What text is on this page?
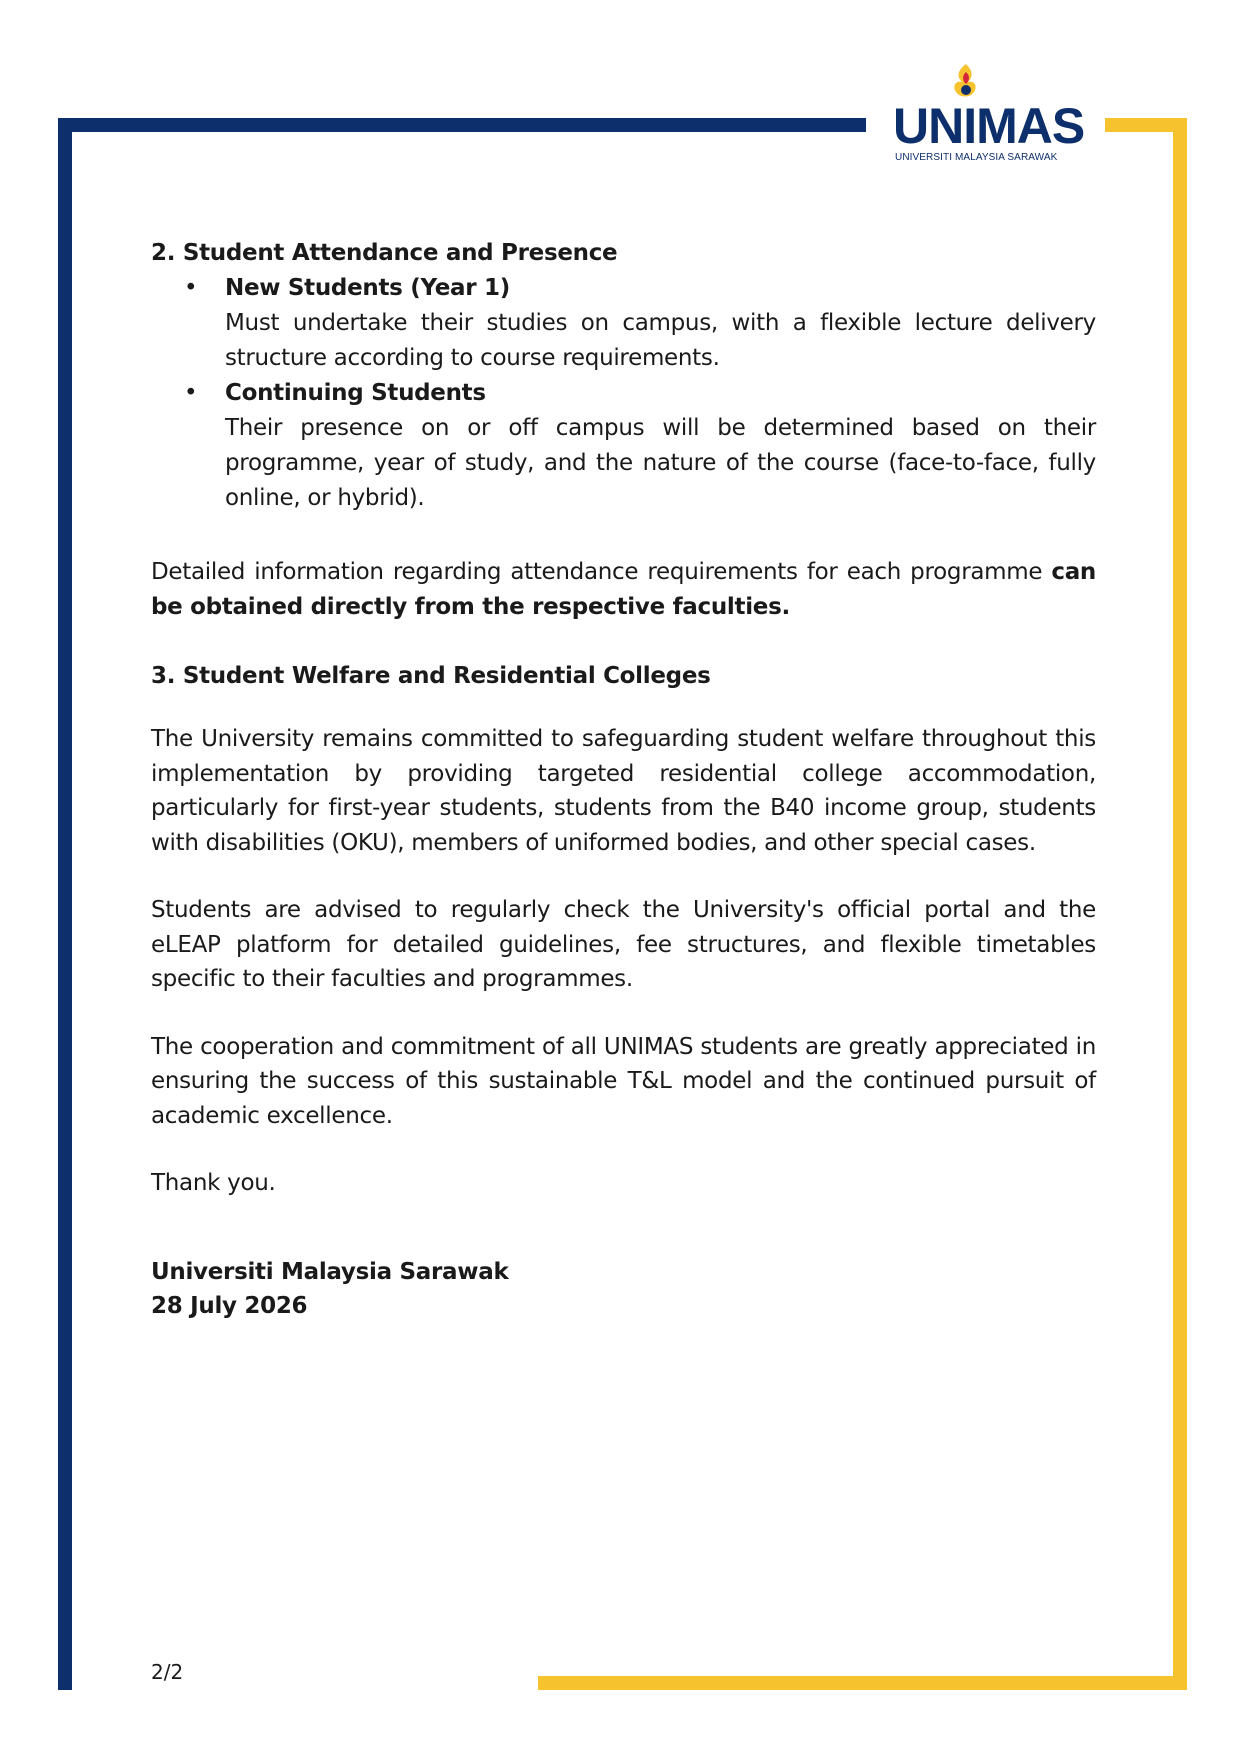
UNIMAS
UNIVERSITI MALAYSIA SARAWAK

2. Student Attendance and Presence

• New Students (Year 1)
Must undertake their studies on campus, with a flexible lecture delivery structure according to course requirements.
• Continuing Students
Their presence on or off campus will be determined based on their programme, year of study, and the nature of the course (face-to-face, fully online, or hybrid).

Detailed information regarding attendance requirements for each programme can be obtained directly from the respective faculties.

3. Student Welfare and Residential Colleges

The University remains committed to safeguarding student welfare throughout this implementation by providing targeted residential college accommodation, particularly for first-year students, students from the B40 income group, students with disabilities (OKU), members of uniformed bodies, and other special cases.

Students are advised to regularly check the University's official portal and the eLEAP platform for detailed guidelines, fee structures, and flexible timetables specific to their faculties and programmes.

The cooperation and commitment of all UNIMAS students are greatly appreciated in ensuring the success of this sustainable T&L model and the continued pursuit of academic excellence.

Thank you.

Universiti Malaysia Sarawak

28 July 2026

2/2
